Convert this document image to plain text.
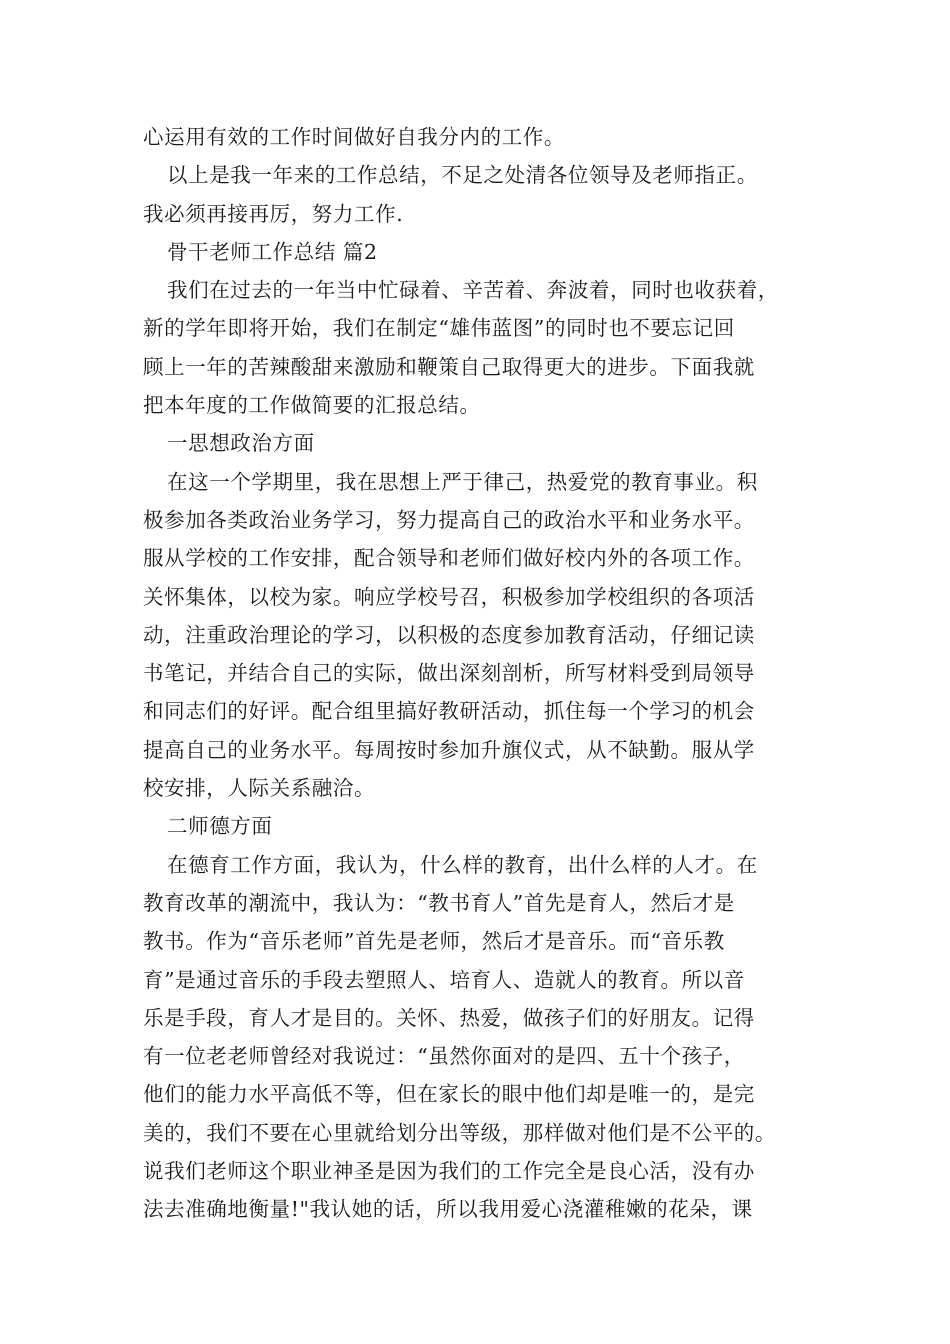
心运用有效的工作时间做好自我分内的工作。
以上是我一年来的工作总结，不足之处清各位领导及老师指正。
我必须再接再厉，努力工作.
骨干老师工作总结 篇2
我们在过去的一年当中忙碌着、辛苦着、奔波着，同时也收获着，
新的学年即将开始，我们在制定“雄伟蓝图”的同时也不要忘记回
顾上一年的苦辣酸甜来激励和鞭策自己取得更大的进步。下面我就
把本年度的工作做简要的汇报总结。
一思想政治方面
在这一个学期里，我在思想上严于律己，热爱党的教育事业。积
极参加各类政治业务学习，努力提高自己的政治水平和业务水平。
服从学校的工作安排，配合领导和老师们做好校内外的各项工作。
关怀集体，以校为家。响应学校号召，积极参加学校组织的各项活
动，注重政治理论的学习，以积极的态度参加教育活动，仔细记读
书笔记，并结合自己的实际，做出深刻剖析，所写材料受到局领导
和同志们的好评。配合组里搞好教研活动，抓住每一个学习的机会
提高自己的业务水平。每周按时参加升旗仪式，从不缺勤。服从学
校安排，人际关系融洽。
二师德方面
在德育工作方面，我认为，什么样的教育，出什么样的人才。在
教育改革的潮流中，我认为：“教书育人”首先是育人，然后才是
教书。作为“音乐老师”首先是老师，然后才是音乐。而“音乐教
育”是通过音乐的手段去塑照人、培育人、造就人的教育。所以音
乐是手段，育人才是目的。关怀、热爱，做孩子们的好朋友。记得
有一位老老师曾经对我说过：“虽然你面对的是四、五十个孩子，
他们的能力水平高低不等，但在家长的眼中他们却是唯一的，是完
美的，我们不要在心里就给划分出等级，那样做对他们是不公平的。
说我们老师这个职业神圣是因为我们的工作完全是良心活，没有办
法去准确地衡量!"我认她的话，所以我用爱心浇灌稚嫩的花朵，课
